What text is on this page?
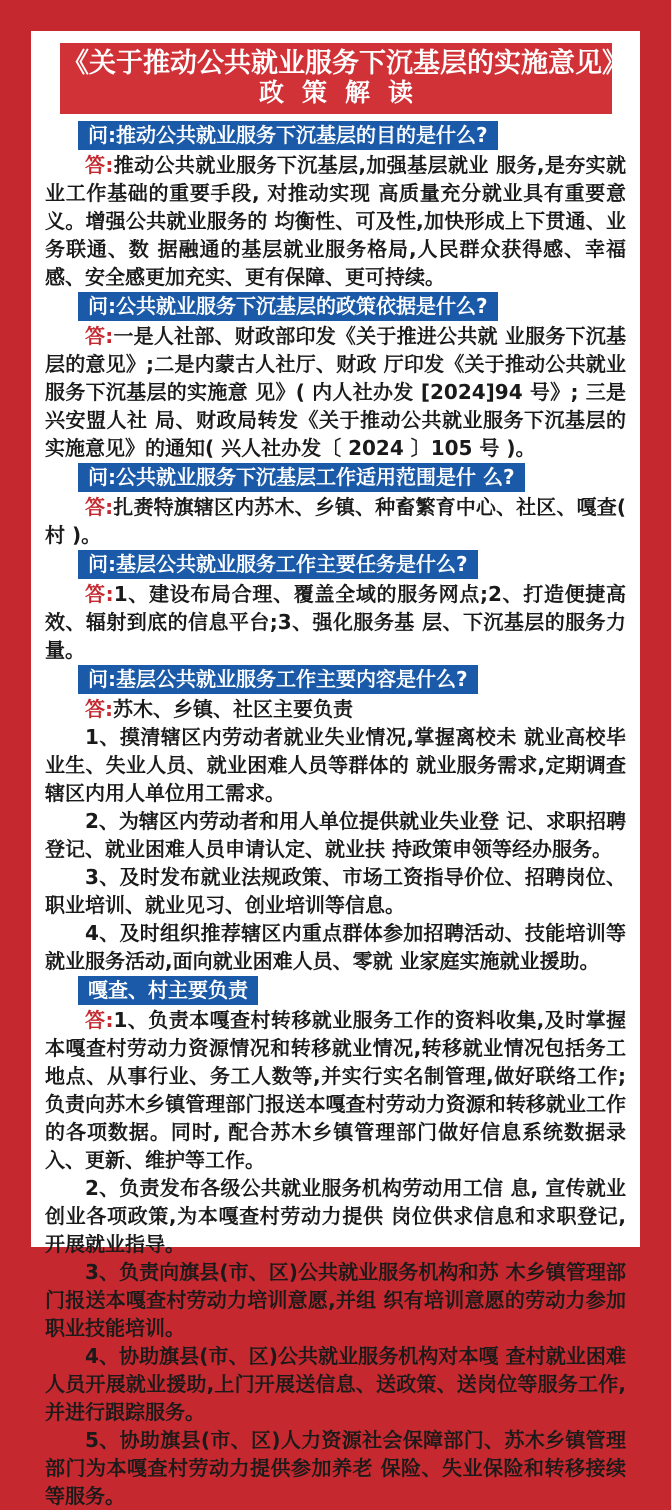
《关于推动公共就业服务下沉基层的实施意见》
政策解读
问:推动公共就业服务下沉基层的目的是什么?

答:推动公共就业服务下沉基层,加强基层就业 服务,是夯实就业工作基础的重要手段, 对推动实现 高质量充分就业具有重要意义。增强公共就业服务的 均衡性、可及性,加快形成上下贯通、业务联通、数 据融通的基层就业服务格局,人民群众获得感、幸福 感、安全感更加充实、更有保障、更可持续。

问:公共就业服务下沉基层的政策依据是什么?

答:一是人社部、财政部印发《关于推进公共就 业服务下沉基层的意见》;二是内蒙古人社厅、财政 厅印发《关于推动公共就业服务下沉基层的实施意 见》( 内人社办发 [2024]94 号》; 三是兴安盟人社 局、财政局转发《关于推动公共就业服务下沉基层的 实施意见》的通知( 兴人社办发〔 2024 〕105 号 )。

问:公共就业服务下沉基层工作适用范围是什 么?

答:扎赉特旗辖区内苏木、乡镇、种畜繁育中心、社区、嘎查( 村 )。

问:基层公共就业服务工作主要任务是什么?

答:1、建设布局合理、覆盖全域的服务网点;2、打造便捷高效、辐射到底的信息平台;3、强化服务基 层、下沉基层的服务力量。

问:基层公共就业服务工作主要内容是什么?

答:苏木、乡镇、社区主要负责

1、摸清辖区内劳动者就业失业情况,掌握离校未 就业高校毕业生、失业人员、就业困难人员等群体的 就业服务需求,定期调查辖区内用人单位用工需求。

2、为辖区内劳动者和用人单位提供就业失业登 记、求职招聘登记、就业困难人员申请认定、就业扶 持政策申领等经办服务。

3、及时发布就业法规政策、市场工资指导价位、招聘岗位、职业培训、就业见习、创业培训等信息。

4、及时组织推荐辖区内重点群体参加招聘活动、技能培训等就业服务活动,面向就业困难人员、零就 业家庭实施就业援助。

嘎查、村主要负责

答:1、负责本嘎查村转移就业服务工作的资料收集,及时掌握本嘎查村劳动力资源情况和转移就业情况,转移就业情况包括务工地点、从事行业、务工人数等,并实行实名制管理,做好联络工作;负责向苏木乡镇管理部门报送本嘎查村劳动力资源和转移就业工作的各项数据。同时, 配合苏木乡镇管理部门做好信息系统数据录入、更新、维护等工作。

2、负责发布各级公共就业服务机构劳动用工信 息, 宣传就业创业各项政策,为本嘎查村劳动力提供 岗位供求信息和求职登记,开展就业指导。

3、负责向旗县(市、区)公共就业服务机构和苏 木乡镇管理部门报送本嘎查村劳动力培训意愿,并组 织有培训意愿的劳动力参加职业技能培训。

4、协助旗县(市、区)公共就业服务机构对本嘎 查村就业困难人员开展就业援助,上门开展送信息、送政策、送岗位等服务工作,并进行跟踪服务。

5、协助旗县(市、区)人力资源社会保障部门、苏木乡镇管理部门为本嘎查村劳动力提供参加养老 保险、失业保险和转移接续等服务。
